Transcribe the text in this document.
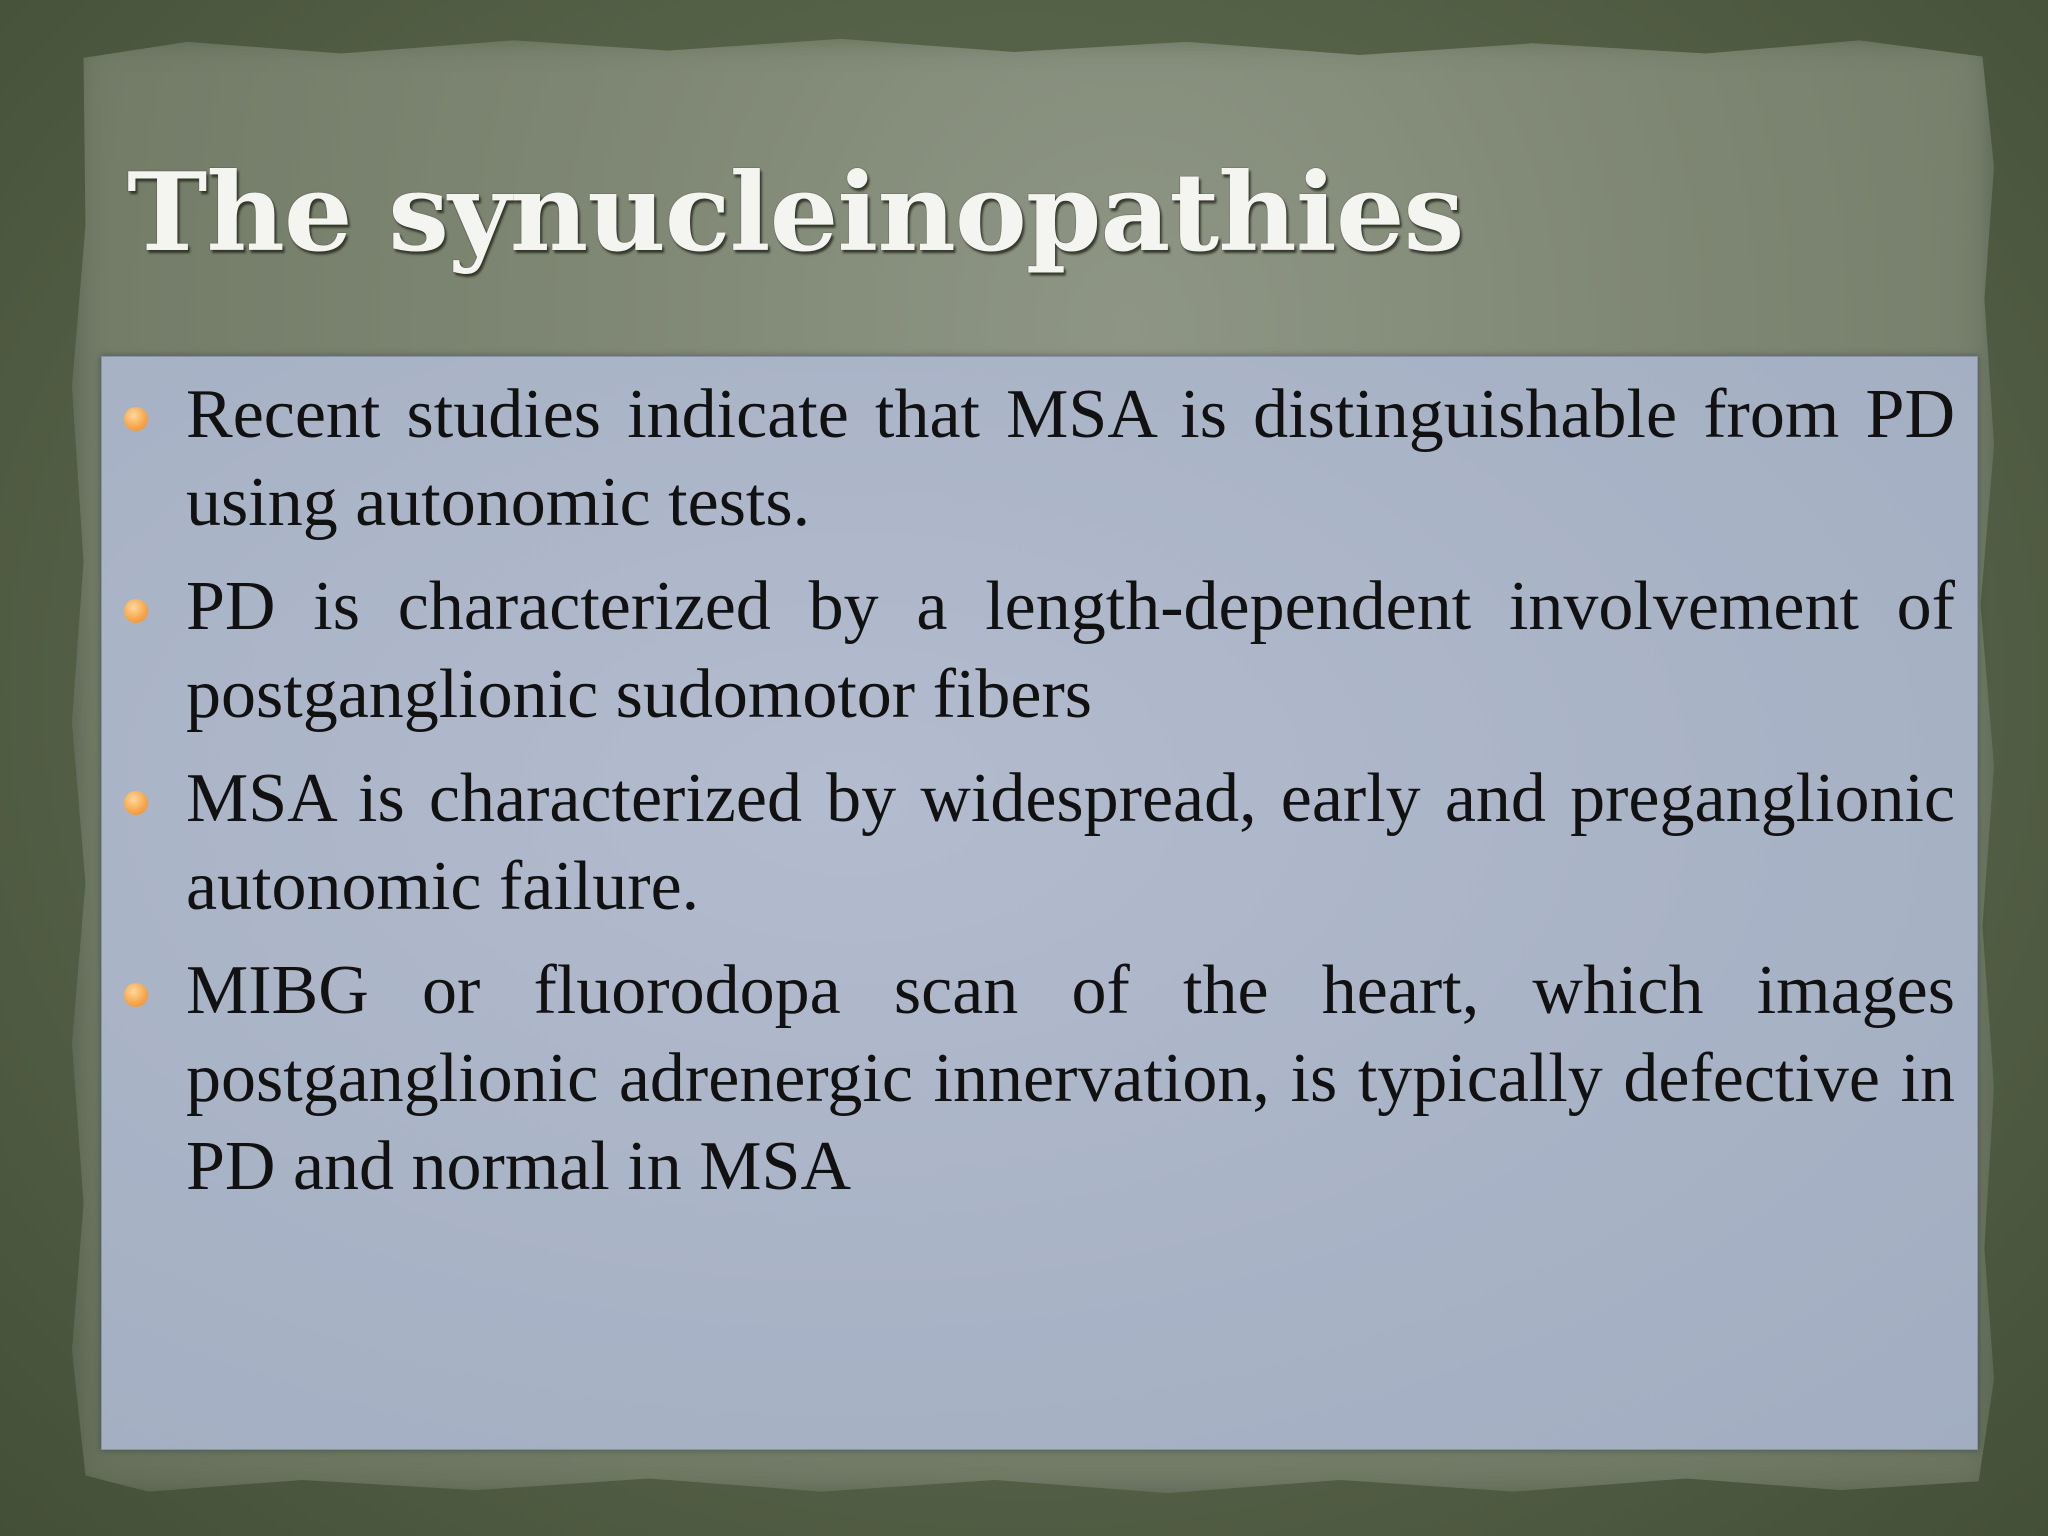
The synucleinopathies
Recent studies indicate that MSA is distinguishable from PD using autonomic tests.
PD is characterized by a length-dependent involvement of postganglionic sudomotor fibers
MSA is characterized by widespread, early and preganglionic autonomic failure.
MIBG or fluorodopa scan of the heart, which images postganglionic adrenergic innervation, is typically defective in PD and normal in MSA
